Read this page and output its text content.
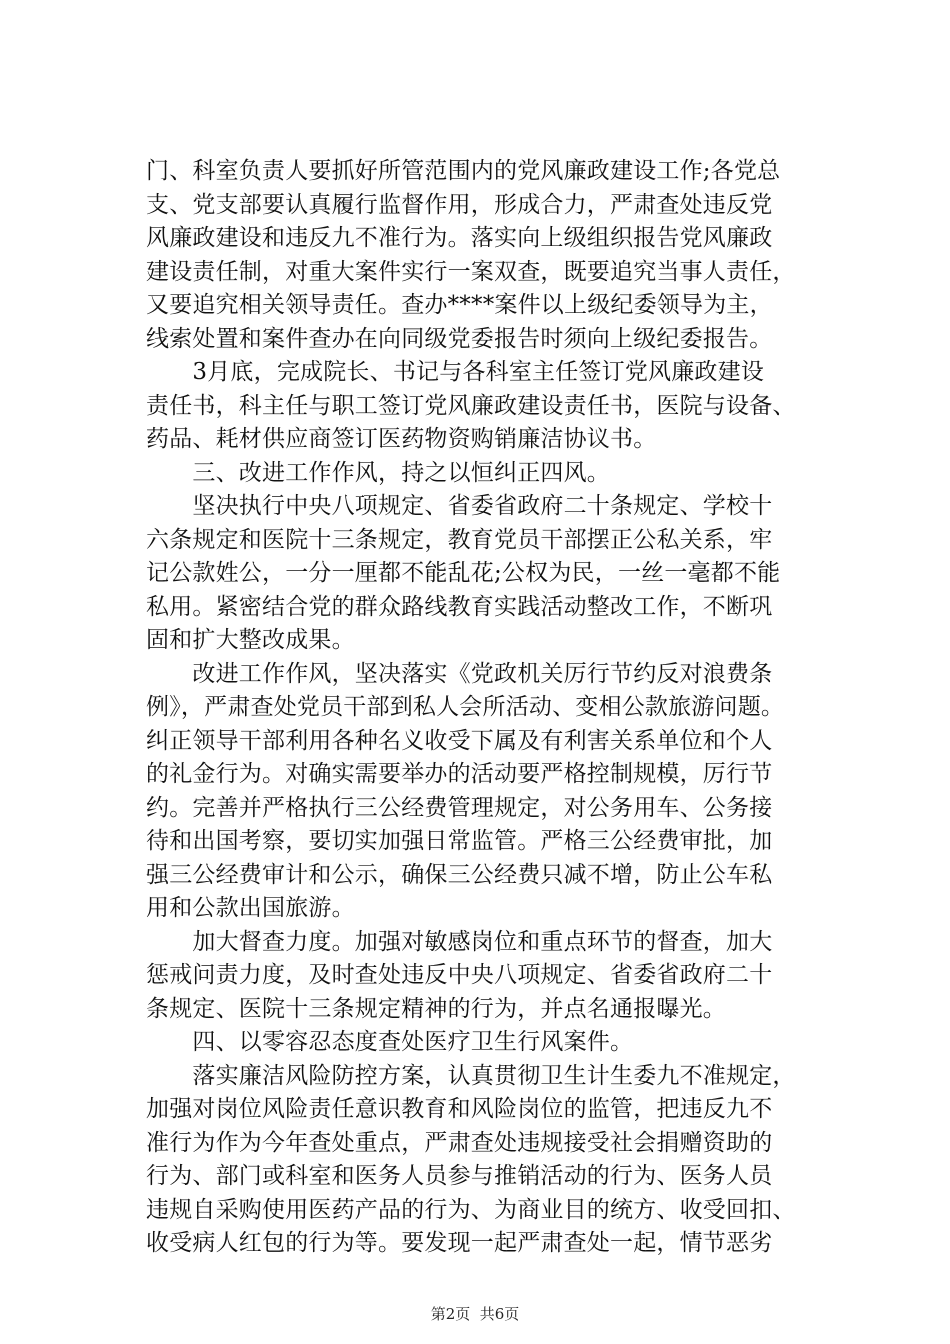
门、科室负责人要抓好所管范围内的党风廉政建设工作;各党总
支、党支部要认真履行监督作用，形成合力，严肃查处违反党
风廉政建设和违反九不准行为。落实向上级组织报告党风廉政
建设责任制，对重大案件实行一案双查，既要追究当事人责任，
又要追究相关领导责任。查办****案件以上级纪委领导为主，
线索处置和案件查办在向同级党委报告时须向上级纪委报告。
　　3月底，完成院长、书记与各科室主任签订党风廉政建设
责任书，科主任与职工签订党风廉政建设责任书，医院与设备、
药品、耗材供应商签订医药物资购销廉洁协议书。
　　三、改进工作作风，持之以恒纠正四风。
　　坚决执行中央八项规定、省委省政府二十条规定、学校十
六条规定和医院十三条规定，教育党员干部摆正公私关系，牢
记公款姓公，一分一厘都不能乱花;公权为民，一丝一毫都不能
私用。紧密结合党的群众路线教育实践活动整改工作，不断巩
固和扩大整改成果。
　　改进工作作风，坚决落实《党政机关厉行节约反对浪费条
例》，严肃查处党员干部到私人会所活动、变相公款旅游问题。
纠正领导干部利用各种名义收受下属及有利害关系单位和个人
的礼金行为。对确实需要举办的活动要严格控制规模，厉行节
约。完善并严格执行三公经费管理规定，对公务用车、公务接
待和出国考察，要切实加强日常监管。严格三公经费审批，加
强三公经费审计和公示，确保三公经费只减不增，防止公车私
用和公款出国旅游。
　　加大督查力度。加强对敏感岗位和重点环节的督查，加大
惩戒问责力度，及时查处违反中央八项规定、省委省政府二十
条规定、医院十三条规定精神的行为，并点名通报曝光。
　　四、以零容忍态度查处医疗卫生行风案件。
　　落实廉洁风险防控方案，认真贯彻卫生计生委九不准规定，
加强对岗位风险责任意识教育和风险岗位的监管，把违反九不
准行为作为今年查处重点，严肃查处违规接受社会捐赠资助的
行为、部门或科室和医务人员参与推销活动的行为、医务人员
违规自采购使用医药产品的行为、为商业目的统方、收受回扣、
收受病人红包的行为等。要发现一起严肃查处一起，情节恶劣
第2页  共6页
